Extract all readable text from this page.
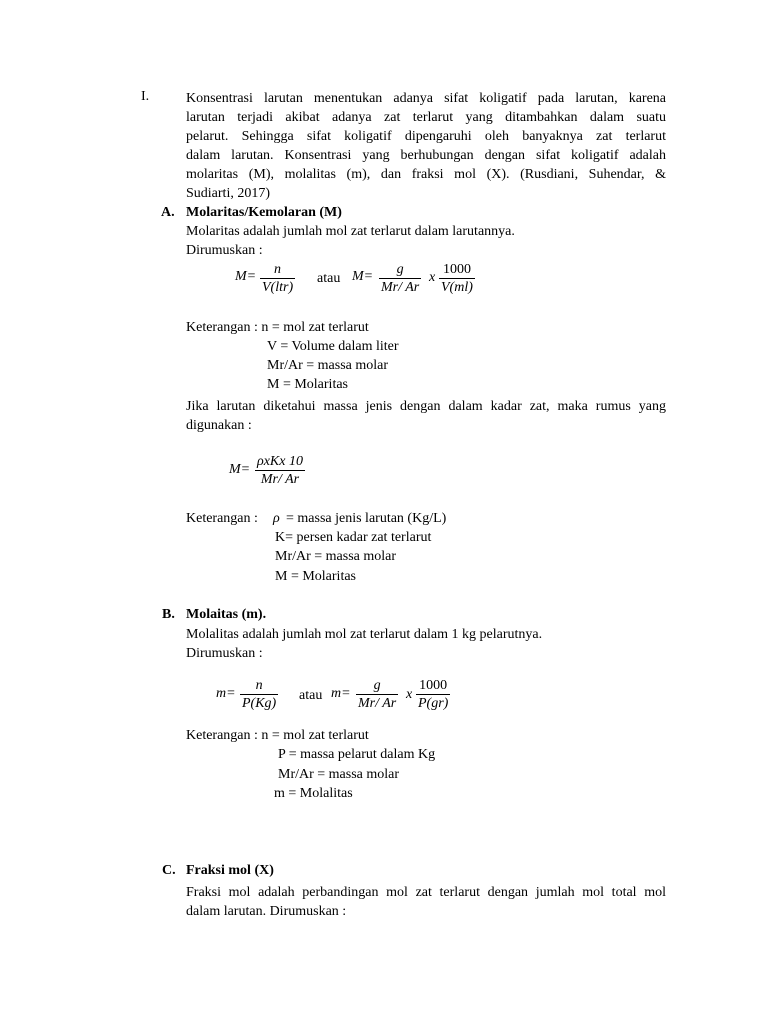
I.	Konsentrasi larutan menentukan adanya sifat koligatif pada larutan, karena
larutan terjadi akibat adanya zat terlarut yang ditambahkan dalam suatu
pelarut. Sehingga sifat koligatif dipengaruhi oleh banyaknya zat terlarut
dalam larutan. Konsentrasi yang berhubungan dengan sifat koligatif adalah
molaritas (M), molalitas (m), dan fraksi mol (X). (Rusdiani, Suhendar, &
Sudiarti, 2017)
A. Molaritas/Kemolaran (M)
Molaritas adalah jumlah mol zat terlarut dalam larutannya.
Dirumuskan :
M=	n
V(ltr)
atau $M= \frac{g}{Mr/ Ar}$ x $\frac{1000}{V(ml)}$
Keterangan : n = mol zat terlarut
V = Volume dalam liter
Mr/Ar = massa molar
M = Molaritas
Jika larutan diketahui massa jenis dengan dalam kadar zat, maka rumus yang
digunakan :
M=
ρxKx 10
Mr/ Ar
Keterangan : ρ = massa jenis larutan (Kg/L)
K= persen kadar zat terlarut
Mr/Ar = massa molar
M = Molaritas
B. Molaitas (m).
Molalitas adalah jumlah mol zat terlarut dalam 1 kg pelarutnya.
Dirumuskan :
$m= \frac{n}{P(Kg)}$ atau $m= \frac{g}{Mr/ Ar}$ x $\frac{1000}{P(gr)}$
Keterangan : n = mol zat terlarut
P = massa pelarut dalam Kg
Mr/Ar = massa molar
m = Molalitas
C. Fraksi mol (X)
Fraksi mol adalah perbandingan mol zat terlarut dengan jumlah mol total mol
dalam larutan. Dirumuskan :
